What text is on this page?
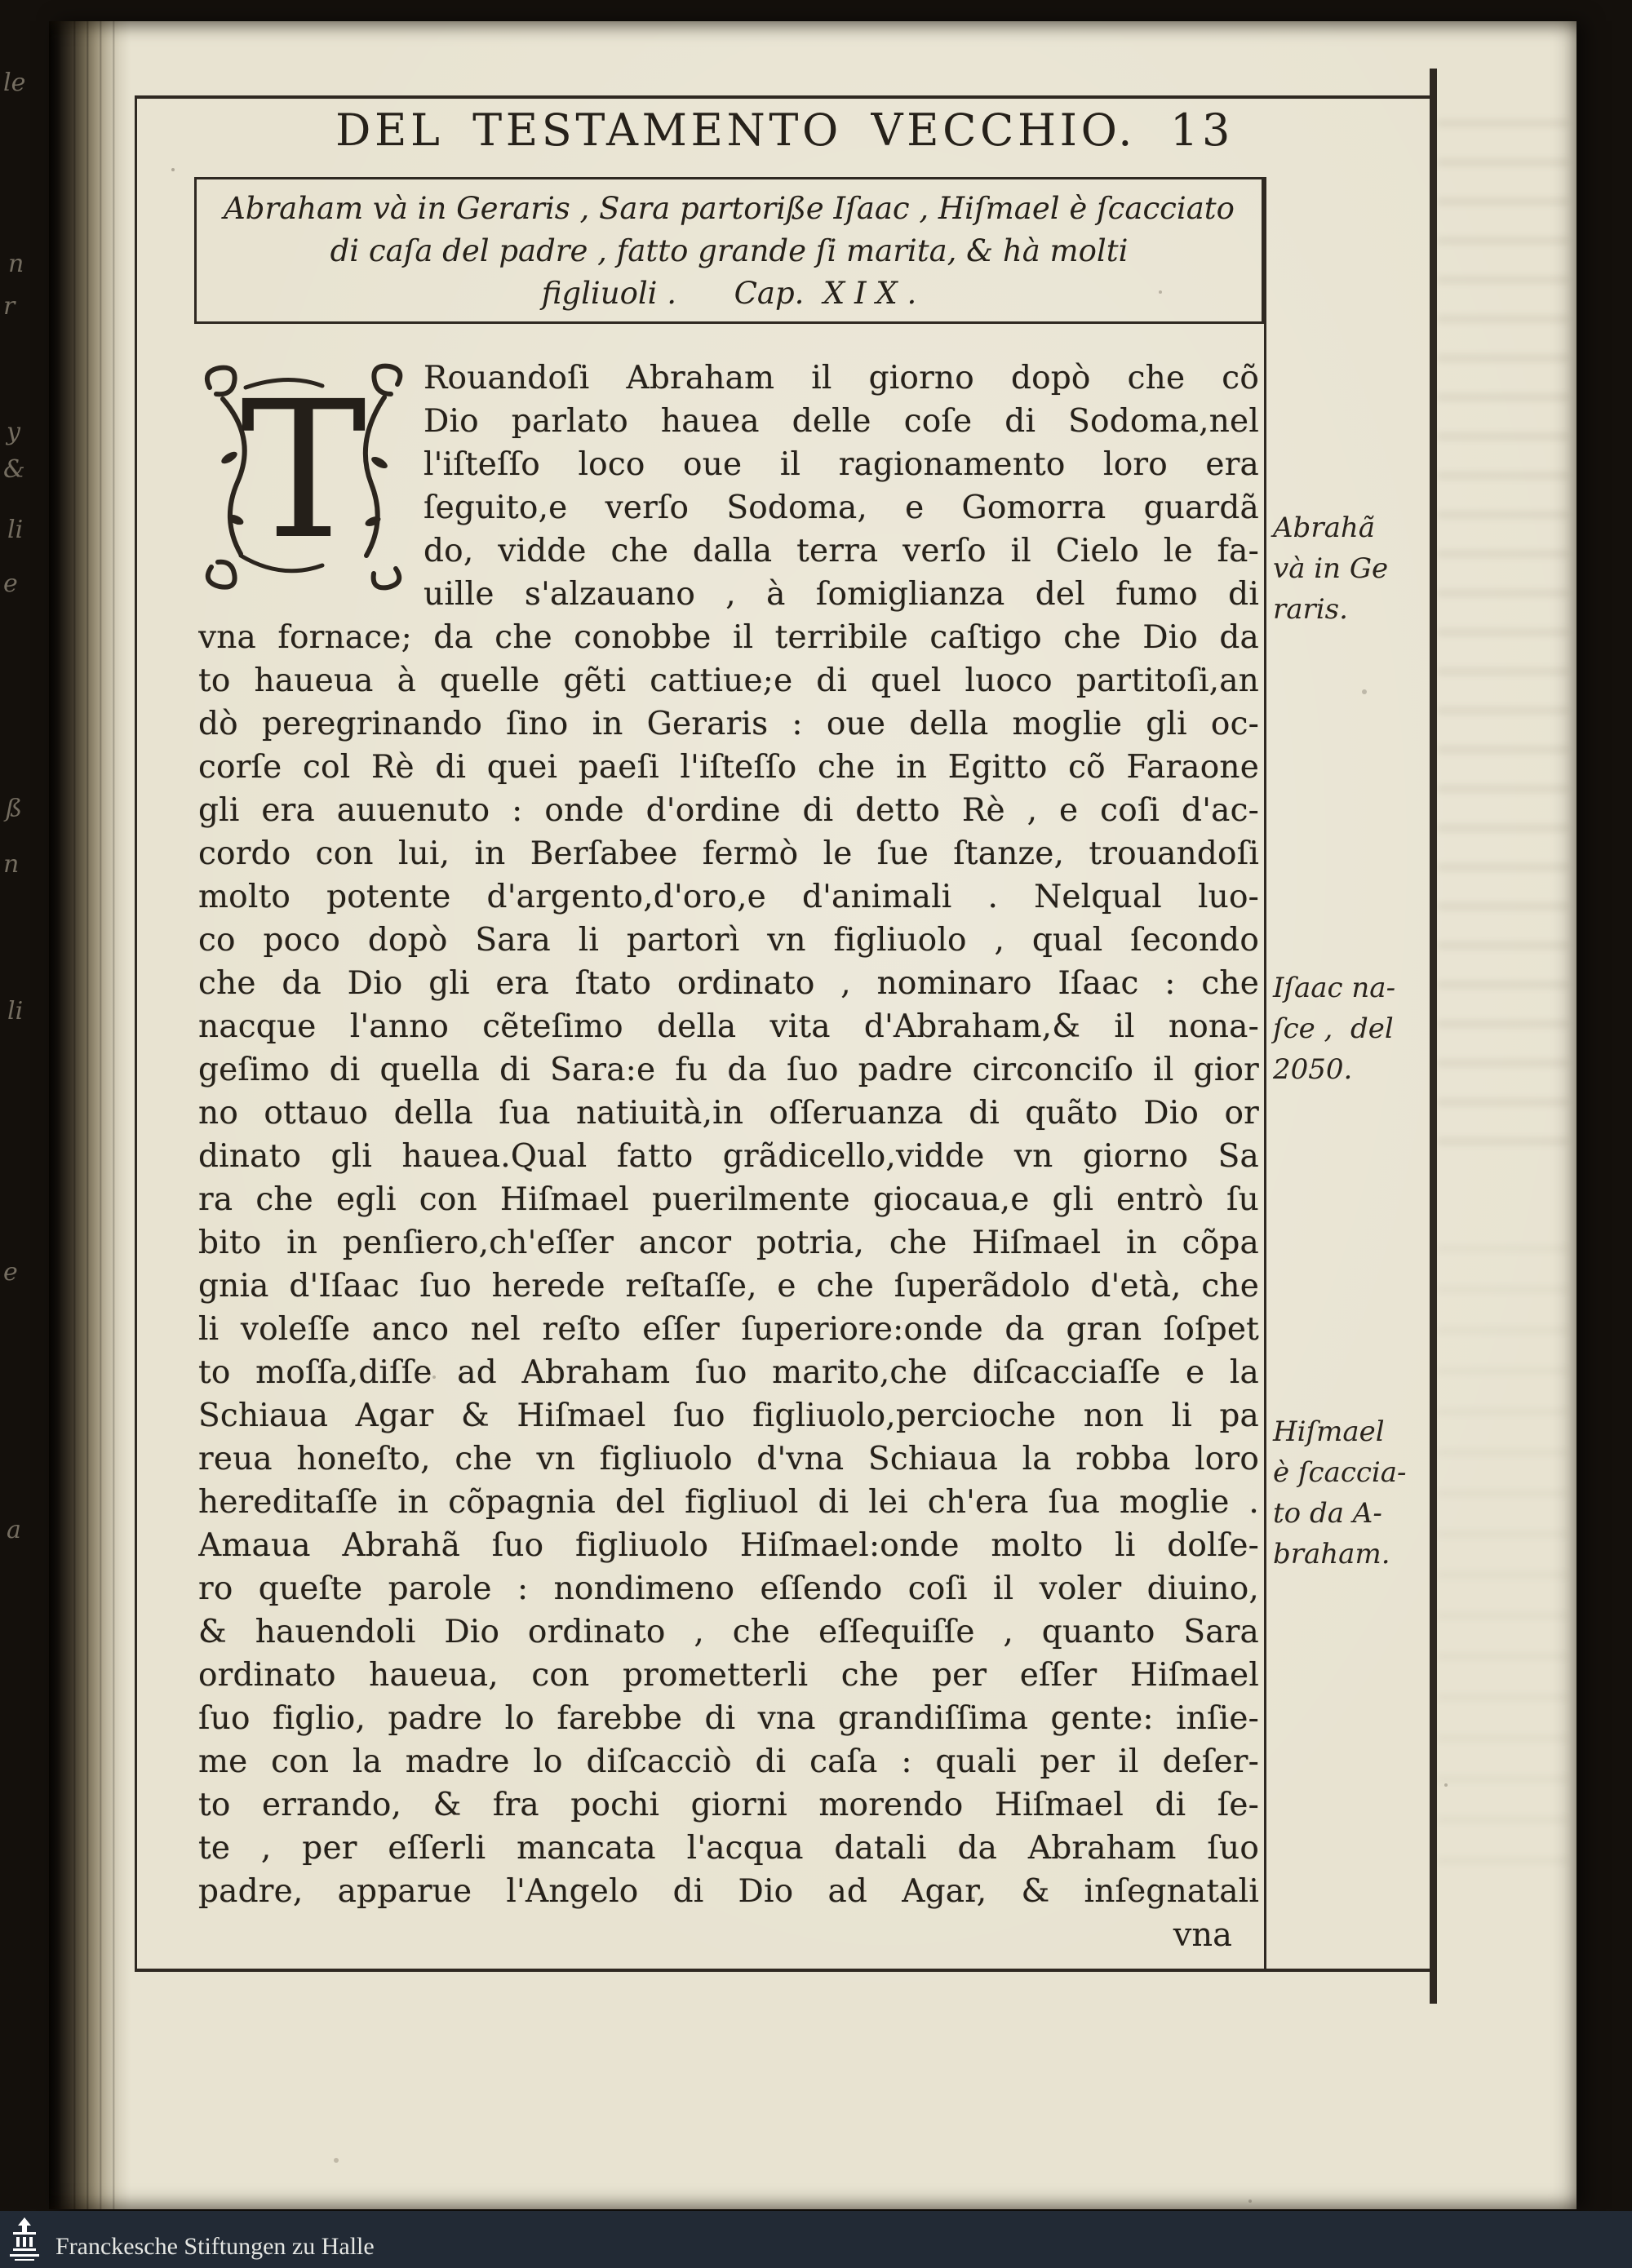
le
n
r
y
&
li
e
ß
n
li
e
a
DEL TESTAMENTO VECCHIO. 13
Abraham và in Geraris , Sara partoriße Iſaac , Hiſmael è ſcacciato
di caſa del padre , fatto grande ſi marita, & hà molti
figliuoli .      Cap.  X I X .
T Rouandoſi Abraham il giorno dopò che cõ
Dio parlato hauea delle coſe di Sodoma,nel
l'iſteſſo loco oue il ragionamento loro era
ſeguito,e verſo Sodoma, e Gomorra guardã
do, vidde che dalla terra verſo il Cielo le fa-
uille s'alzauano , à ſomiglianza del fumo di
vna fornace; da che conobbe il terribile caſtigo che Dio da
to haueua à quelle gẽti cattiue;e di quel luoco partitoſi,an
dò peregrinando ſino in Geraris : oue della moglie gli oc-
corſe col Rè di quei paeſi l'iſteſſo che in Egitto cõ Faraone
gli era auuenuto : onde d'ordine di detto Rè , e coſi d'ac-
cordo con lui, in Berſabee fermò le ſue ſtanze, trouandoſi
molto potente d'argento,d'oro,e d'animali . Nelqual luo-
co poco dopò Sara li partorì vn figliuolo , qual ſecondo
che da Dio gli era ſtato ordinato , nominaro Iſaac : che
nacque l'anno cẽteſimo della vita d'Abraham,& il nona-
geſimo di quella di Sara:e fu da ſuo padre circonciſo il gior
no ottauo della ſua natiuità,in oſſeruanza di quãto Dio or
dinato gli hauea.Qual fatto grãdicello,vidde vn giorno Sa
ra che egli con Hiſmael puerilmente giocaua,e gli entrò ſu
bito in penſiero,ch'eſſer ancor potria, che Hiſmael in cõpa
gnia d'Iſaac ſuo herede reſtaſſe, e che ſuperãdolo d'età, che
li voleſſe anco nel reſto eſſer ſuperiore:onde da gran ſoſpet
to moſſa,diſſe ad Abraham ſuo marito,che diſcacciaſſe e la
Schiaua Agar & Hiſmael ſuo figliuolo,percioche non li pa
reua honeſto, che vn figliuolo d'vna Schiaua la robba loro
hereditaſſe in cõpagnia del figliuol di lei ch'era ſua moglie .
Amaua Abrahã ſuo figliuolo Hiſmael:onde molto li dolſe-
ro queſte parole : nondimeno eſſendo coſi il voler diuino,
& hauendoli Dio ordinato , che eſſequiſſe , quanto Sara
ordinato haueua, con prometterli che per eſſer Hiſmael
ſuo figlio, padre lo farebbe di vna grandiſſima gente: inſie-
me con la madre lo diſcacciò di caſa : quali per il deſer-
to errando, & fra pochi giorni morendo Hiſmael di ſe-
te , per eſſerli mancata l'acqua datali da Abraham ſuo
padre, apparue l'Angelo di Dio ad Agar, & inſegnatali
vna
Abrahã
và in Ge
raris.
Iſaac na-
ſce ,  del
2050.
Hiſmael
è ſcaccia-
to da A-
braham.
Franckesche Stiftungen zu Halle
